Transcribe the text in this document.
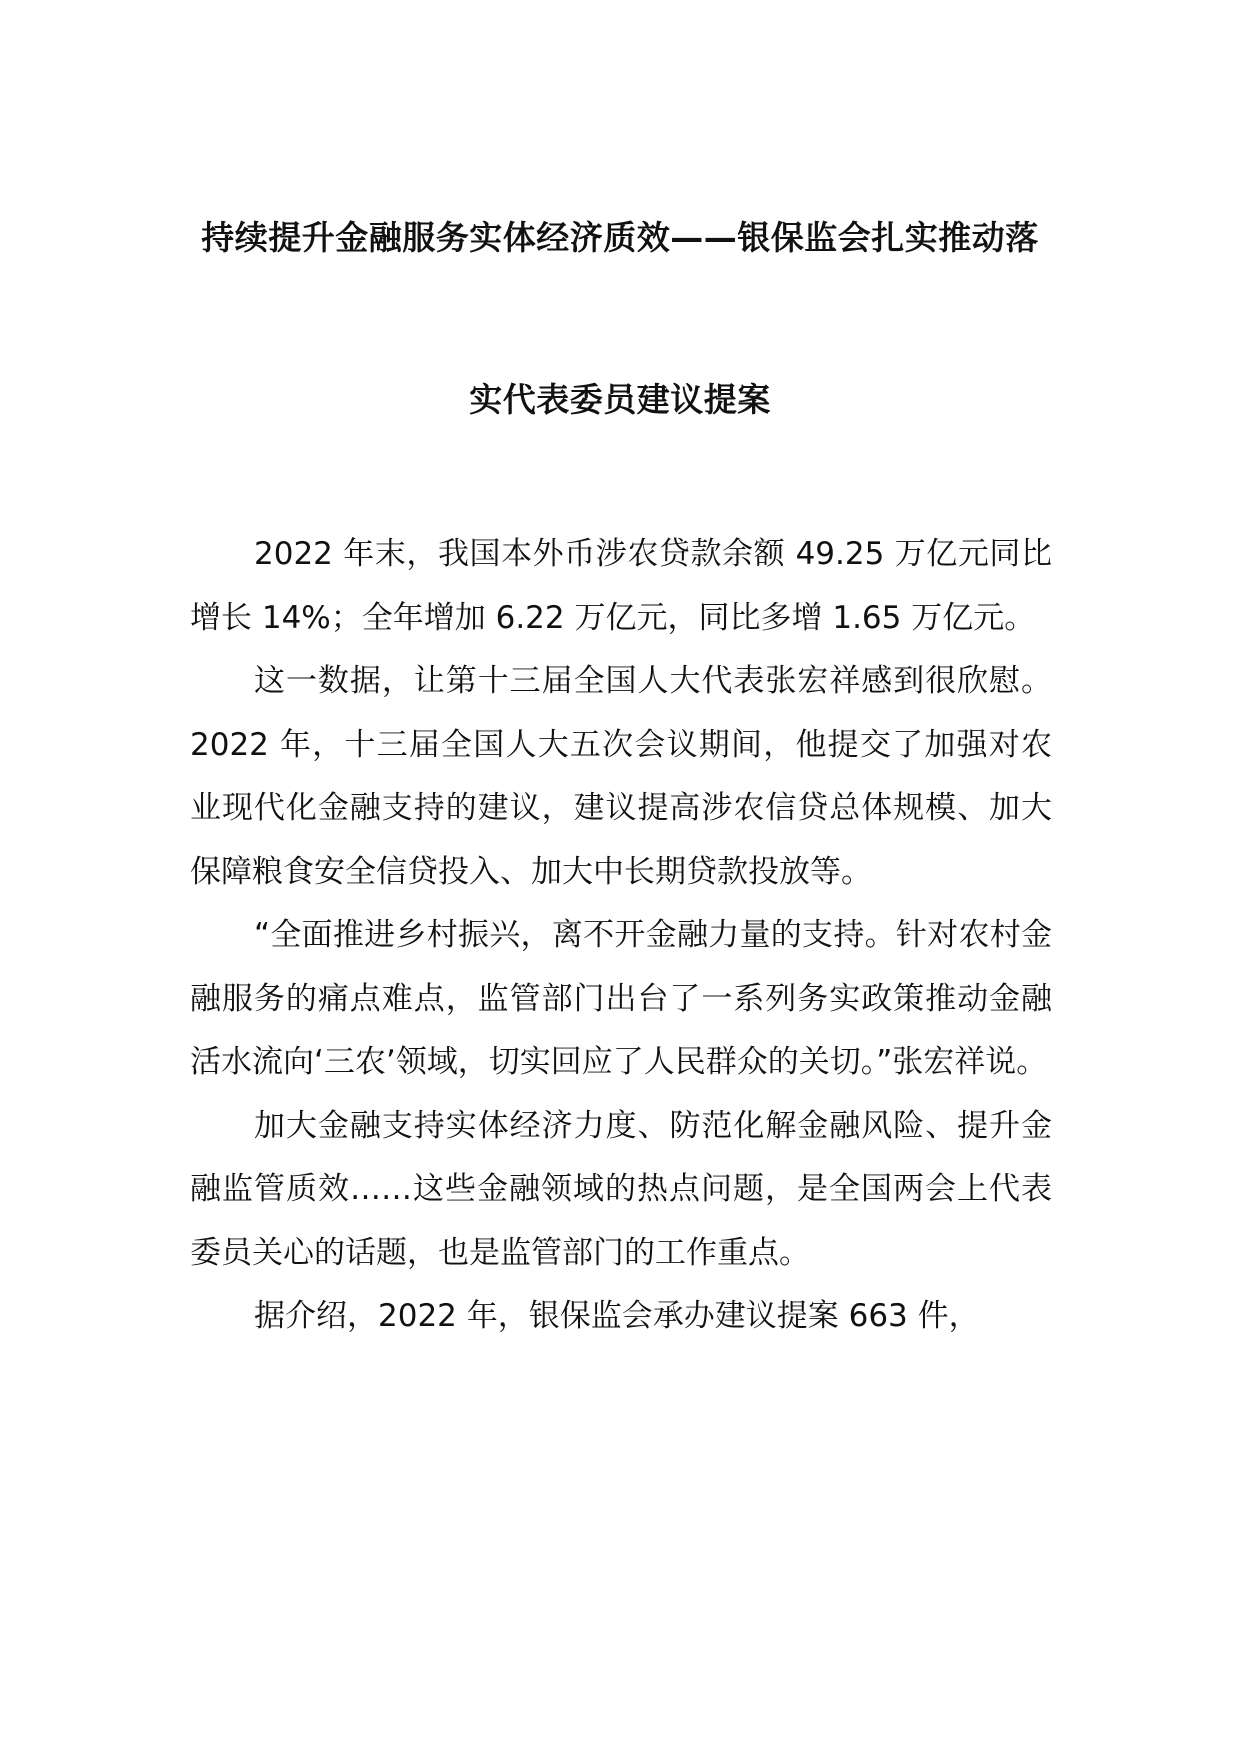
持续提升金融服务实体经济质效——银保监会扎实推动落
实代表委员建议提案

2022 年末，我国本外币涉农贷款余额 49.25 万亿元同比增长 14%；全年增加 6.22 万亿元，同比多增 1.65 万亿元。

这一数据，让第十三届全国人大代表张宏祥感到很欣慰。2022 年，十三届全国人大五次会议期间，他提交了加强对农业现代化金融支持的建议，建议提高涉农信贷总体规模、加大保障粮食安全信贷投入、加大中长期贷款投放等。

“全面推进乡村振兴，离不开金融力量的支持。针对农村金融服务的痛点难点，监管部门出台了一系列务实政策推动金融活水流向‘三农’领域，切实回应了人民群众的关切。”张宏祥说。

加大金融支持实体经济力度、防范化解金融风险、提升金融监管质效……这些金融领域的热点问题，是全国两会上代表委员关心的话题，也是监管部门的工作重点。

据介绍，2022 年，银保监会承办建议提案 663 件，
